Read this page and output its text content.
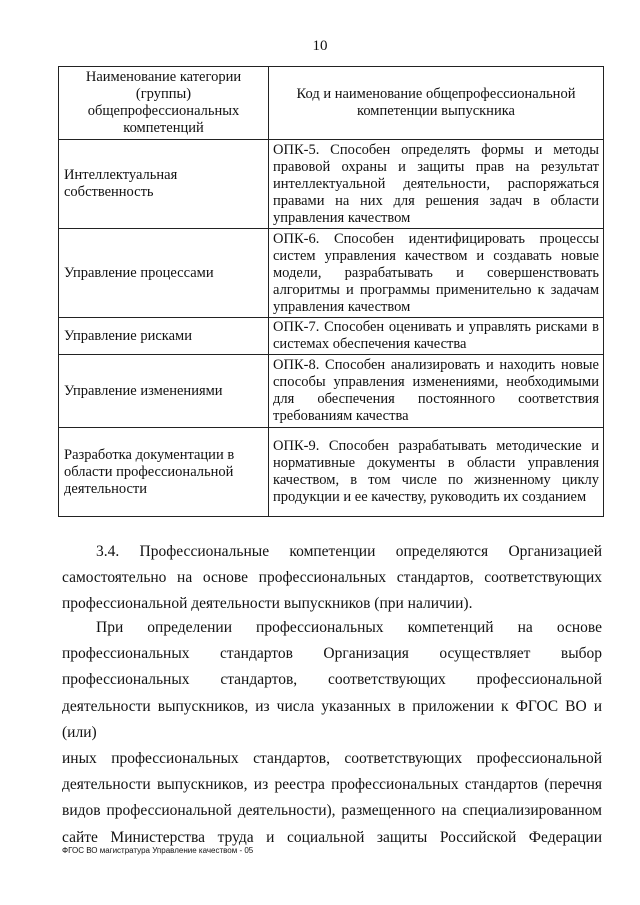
10
Наименование категории (группы) общепрофессиональных компетенций	Код и наименование общепрофессиональной компетенции выпускника
Интеллектуальная собственность	ОПК-5. Способен определять формы и методы правовой охраны и защиты прав на результат интеллектуальной деятельности, распоряжаться правами на них для решения задач в области управления качеством
Управление процессами	ОПК-6. Способен идентифицировать процессы систем управления качеством и создавать новые модели, разрабатывать и совершенствовать алгоритмы и программы применительно к задачам управления качеством
Управление рисками	ОПК-7. Способен оценивать и управлять рисками в системах обеспечения качества
Управление изменениями	ОПК-8. Способен анализировать и находить новые способы управления изменениями, необходимыми для обеспечения постоянного соответствия требованиям качества
Разработка документации в области профессиональной деятельности	ОПК-9. Способен разрабатывать методические и нормативные документы в области управления качеством, в том числе по жизненному циклу продукции и ее качеству, руководить их созданием
3.4. Профессиональные компетенции определяются Организацией
самостоятельно на основе профессиональных стандартов, соответствующих
профессиональной деятельности выпускников (при наличии).
При определении профессиональных компетенций на основе
профессиональных стандартов Организация осуществляет выбор
профессиональных стандартов, соответствующих профессиональной
деятельности выпускников, из числа указанных в приложении к ФГОС ВО и (или)
иных профессиональных стандартов, соответствующих профессиональной
деятельности выпускников, из реестра профессиональных стандартов (перечня
видов профессиональной деятельности), размещенного на специализированном
сайте Министерства труда и социальной защиты Российской Федерации
ФГОС ВО магистратура Управление качеством - 05
